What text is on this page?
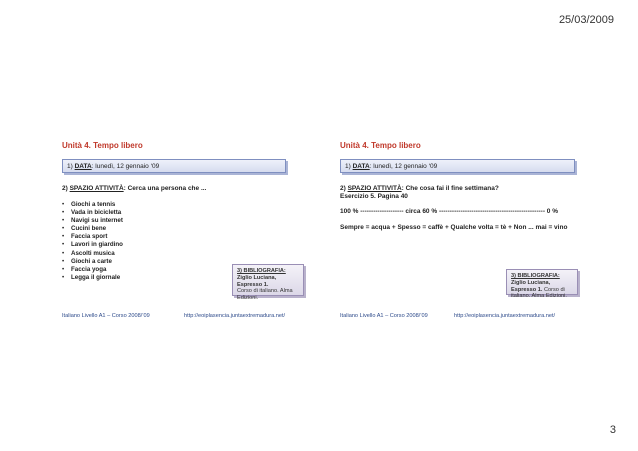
25/03/2009
Unità 4. Tempo libero
1) DATA: lunedì, 12 gennaio ‘09
2) SPAZIO ATTIVITÀ: Cerca una persona che ...
• Giochi a tennis
• Vada in bicicletta
• Navigi su internet
• Cucini bene
• Faccia sport
• Lavori in giardino
• Ascolti musica
• Giochi a carte
• Faccia yoga
• Legga il giornale
3) BIBLIOGRAFIA:
Ziglio Luciana, Espresso 1.
Corso di italiano. Alma Edizioni.
Italiano Livello A1 – Corso 2008/’09	http://eoiplasencia.juntaextremadura.net/
Unità 4. Tempo libero
1) DATA: lunedì, 12 gennaio ‘09
2) SPAZIO ATTIVITÀ: Che cosa fai il fine settimana?
Esercizio 5. Pagina 40
100 % -------------------- circa 60 % ------------------------------------------------- 0 %
Sempre = acqua + Spesso = caffè + Qualche volta = tè + Non ... mai = vino
3) BIBLIOGRAFIA:
Ziglio Luciana, Espresso 1. Corso di italiano. Alma Edizioni.
Italiano Livello A1 – Corso 2008/’09	http://eoiplasencia.juntaextremadura.net/
3
